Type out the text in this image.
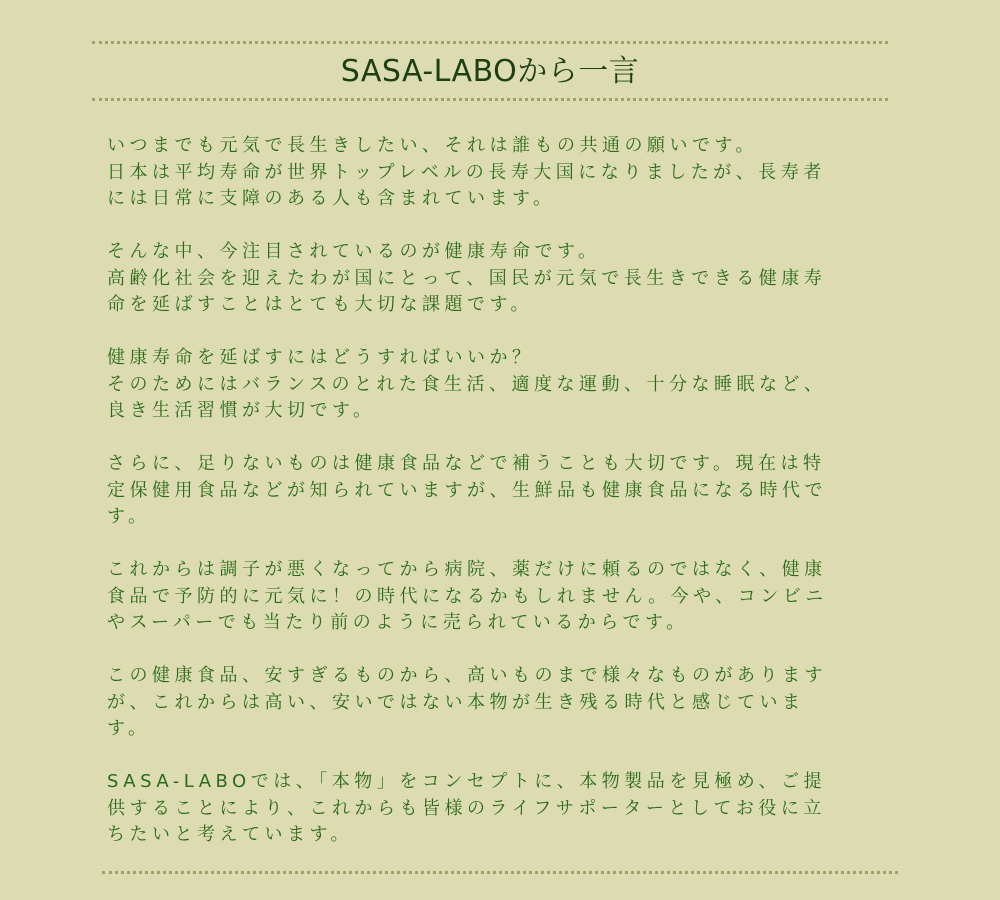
SASA-LABOから一言
いつまでも元気で長生きしたい、それは誰もの共通の願いです。
日本は平均寿命が世界トップレベルの長寿大国になりましたが、長寿者
には日常に支障のある人も含まれています。
そんな中、今注目されているのが健康寿命です。
高齢化社会を迎えたわが国にとって、国民が元気で長生きできる健康寿
命を延ばすことはとても大切な課題です。
健康寿命を延ばすにはどうすればいいか？
そのためにはバランスのとれた食生活、適度な運動、十分な睡眠など、
良き生活習慣が大切です。
さらに、足りないものは健康食品などで補うことも大切です。現在は特
定保健用食品などが知られていますが、生鮮品も健康食品になる時代で
す。
これからは調子が悪くなってから病院、薬だけに頼るのではなく、健康
食品で予防的に元気に！の時代になるかもしれません。今や、コンビニ
やスーパーでも当たり前のように売られているからです。
この健康食品、安すぎるものから、高いものまで様々なものがあります
が、これからは高い、安いではない本物が生き残る時代と感じていま
す。
SASA-LABOでは、「本物」をコンセプトに、本物製品を見極め、ご提
供することにより、これからも皆様のライフサポーターとしてお役に立
ちたいと考えています。
